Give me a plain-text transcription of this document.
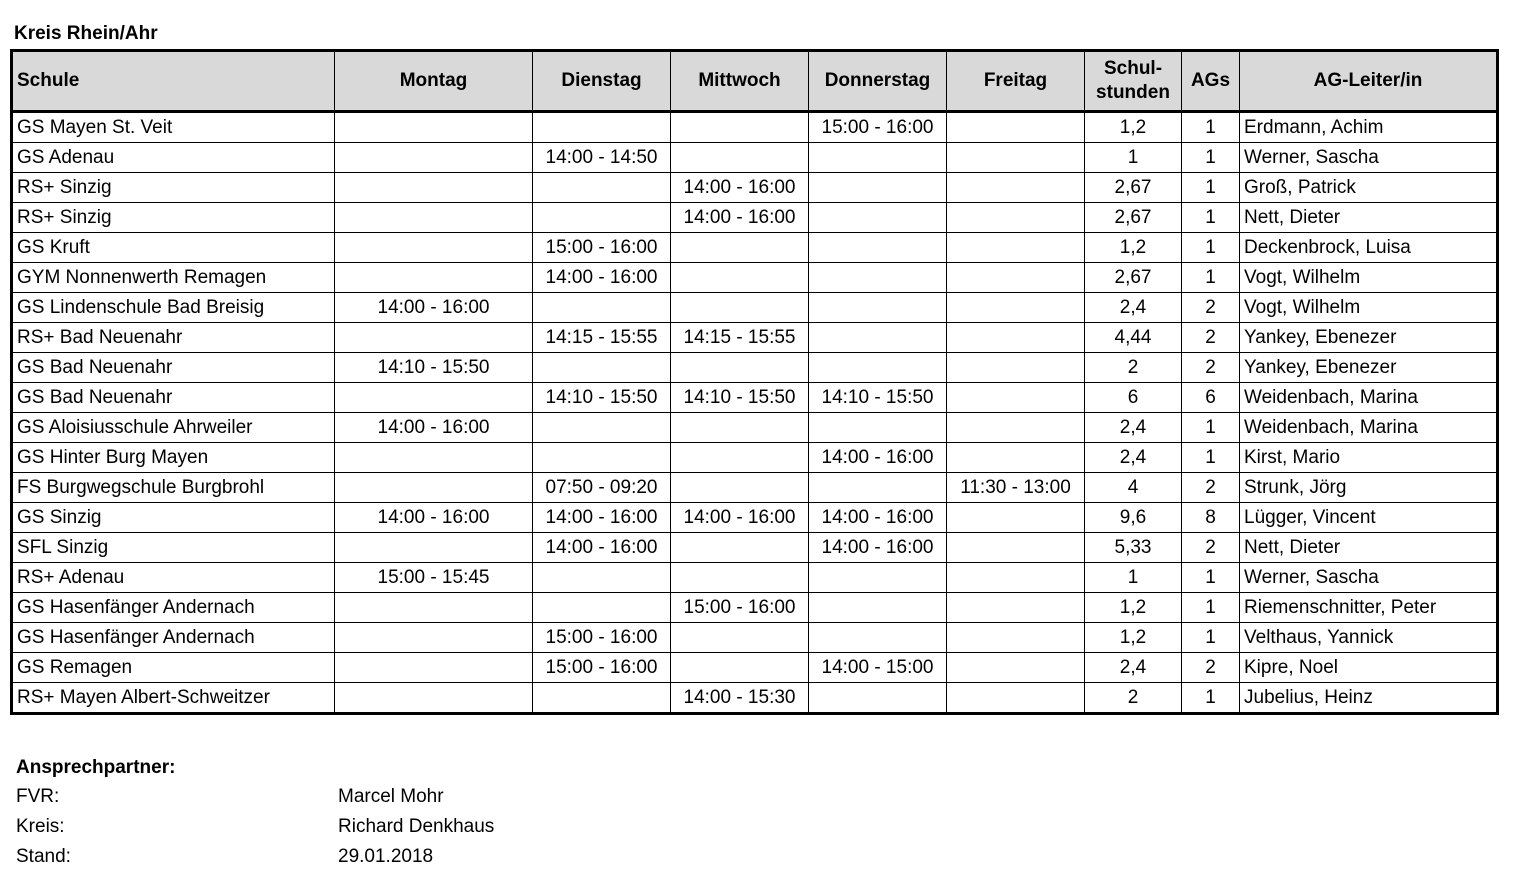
Kreis Rhein/Ahr
Schule	Montag	Dienstag	Mittwoch	Donnerstag	Freitag	Schul-
stunden	AGs	AG-Leiter/in
GS Mayen St. Veit				15:00 - 16:00		1,2	1	Erdmann, Achim
GS Adenau		14:00 - 14:50				1	1	Werner, Sascha
RS+ Sinzig			14:00 - 16:00			2,67	1	Groß, Patrick
RS+ Sinzig			14:00 - 16:00			2,67	1	Nett, Dieter
GS Kruft		15:00 - 16:00				1,2	1	Deckenbrock, Luisa
GYM Nonnenwerth Remagen		14:00 - 16:00				2,67	1	Vogt, Wilhelm
GS Lindenschule Bad Breisig	14:00 - 16:00					2,4	2	Vogt, Wilhelm
RS+ Bad Neuenahr		14:15 - 15:55	14:15 - 15:55			4,44	2	Yankey, Ebenezer
GS Bad Neuenahr	14:10 - 15:50					2	2	Yankey, Ebenezer
GS Bad Neuenahr		14:10 - 15:50	14:10 - 15:50	14:10 - 15:50		6	6	Weidenbach, Marina
GS Aloisiusschule Ahrweiler	14:00 - 16:00					2,4	1	Weidenbach, Marina
GS Hinter Burg Mayen				14:00 - 16:00		2,4	1	Kirst, Mario
FS Burgwegschule Burgbrohl		07:50 - 09:20			11:30 - 13:00	4	2	Strunk, Jörg
GS Sinzig	14:00 - 16:00	14:00 - 16:00	14:00 - 16:00	14:00 - 16:00		9,6	8	Lügger, Vincent
SFL Sinzig		14:00 - 16:00		14:00 - 16:00		5,33	2	Nett, Dieter
RS+ Adenau	15:00 - 15:45					1	1	Werner, Sascha
GS Hasenfänger Andernach			15:00 - 16:00			1,2	1	Riemenschnitter, Peter
GS Hasenfänger Andernach		15:00 - 16:00				1,2	1	Velthaus, Yannick
GS Remagen		15:00 - 16:00		14:00 - 15:00		2,4	2	Kipre, Noel
RS+ Mayen Albert-Schweitzer			14:00 - 15:30			2	1	Jubelius, Heinz
Ansprechpartner:
FVR:	Marcel Mohr
Kreis:	Richard Denkhaus
Stand:	29.01.2018
